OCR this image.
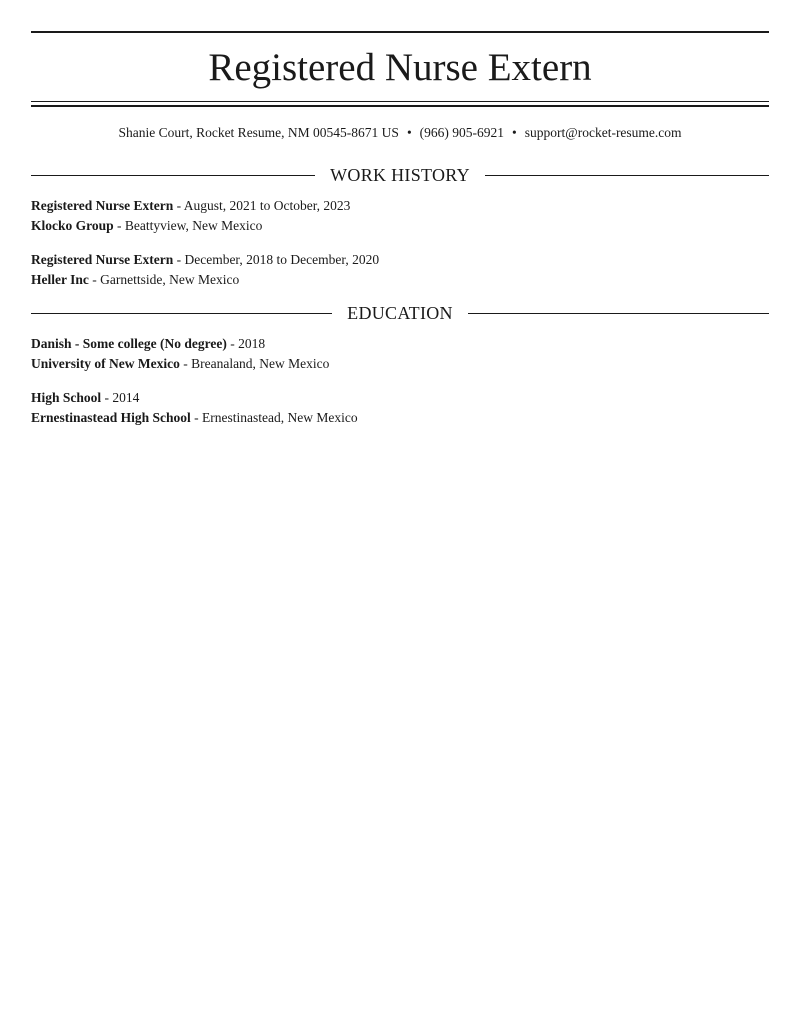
Registered Nurse Extern
Shanie Court, Rocket Resume, NM 00545-8671 US • (966) 905-6921 • support@rocket-resume.com
WORK HISTORY
Registered Nurse Extern - August, 2021 to October, 2023
Klocko Group - Beattyview, New Mexico
Registered Nurse Extern - December, 2018 to December, 2020
Heller Inc - Garnettside, New Mexico
EDUCATION
Danish - Some college (No degree) - 2018
University of New Mexico - Breanaland, New Mexico
High School - 2014
Ernestinastead High School - Ernestinastead, New Mexico
